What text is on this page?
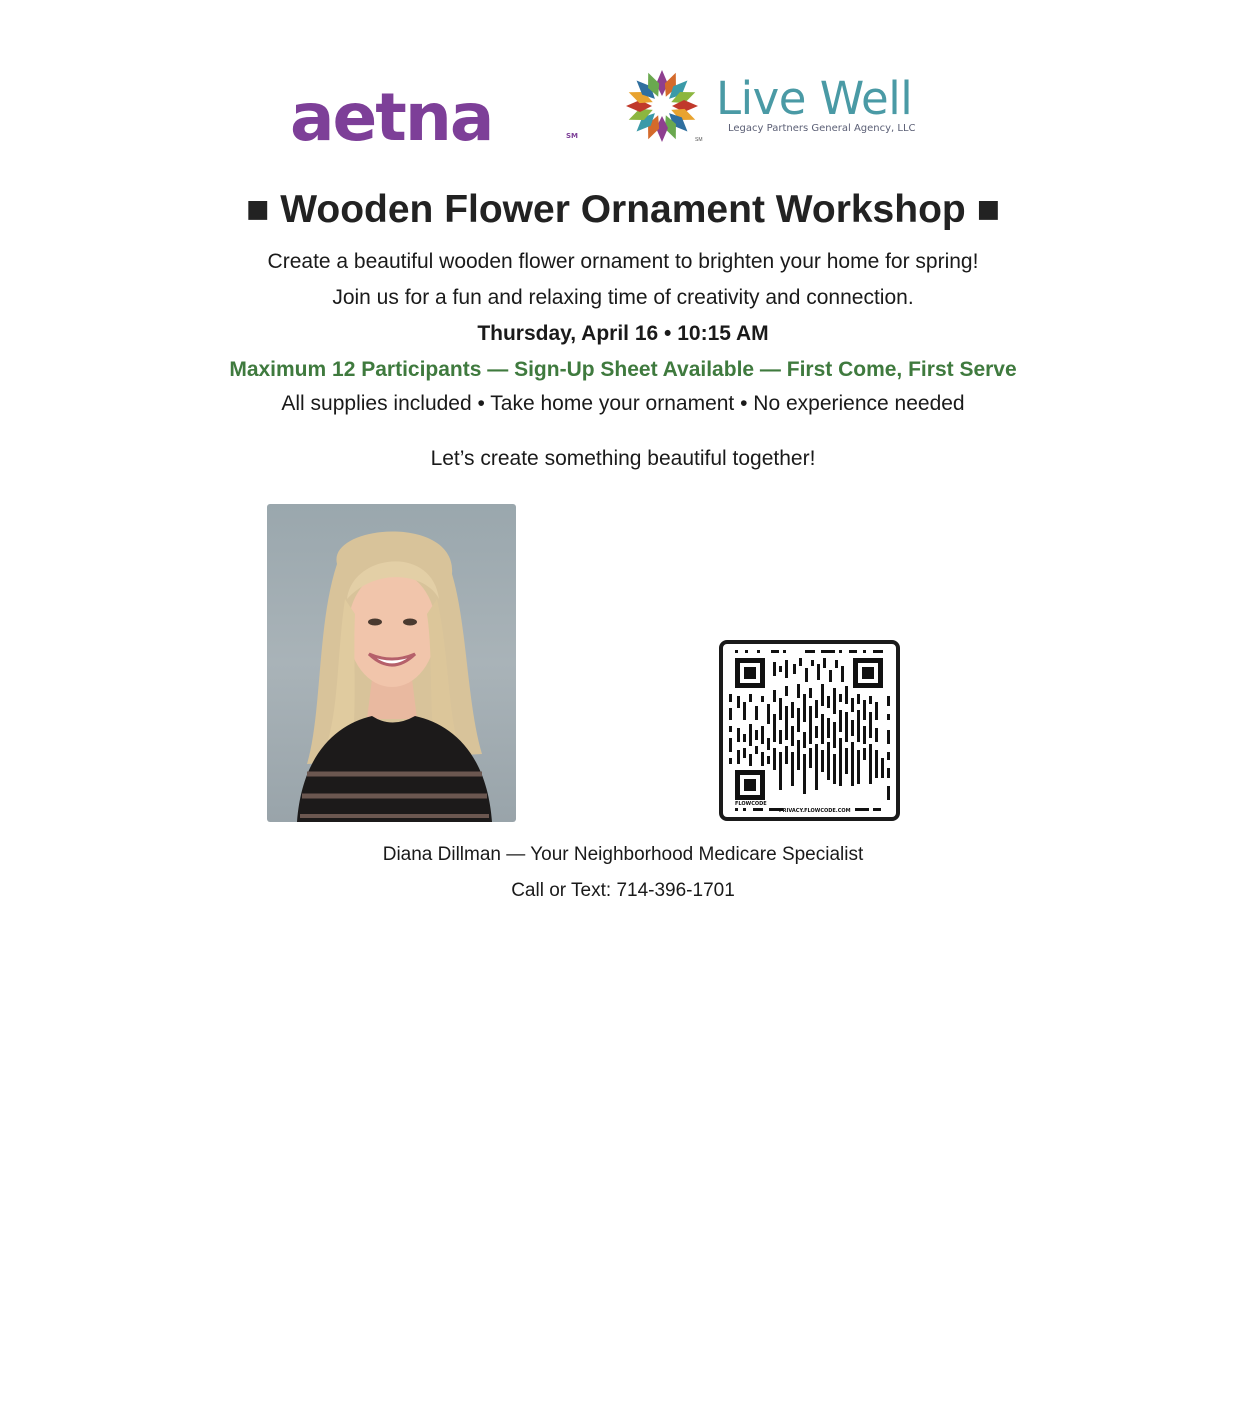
aetna	SM
Live Well
Legacy Partners General Agency, LLC
SM
■ Wooden Flower Ornament Workshop ■
Create a beautiful wooden flower ornament to brighten your home for spring!
Join us for a fun and relaxing time of creativity and connection.
Thursday, April 16 • 10:15 AM
Maximum 12 Participants — Sign-Up Sheet Available — First Come, First Serve
All supplies included • Take home your ornament • No experience needed
Let’s create something beautiful together!
FLOWCODE
PRIVACY.FLOWCODE.COM
Diana Dillman — Your Neighborhood Medicare Specialist
Call or Text: 714-396-1701
